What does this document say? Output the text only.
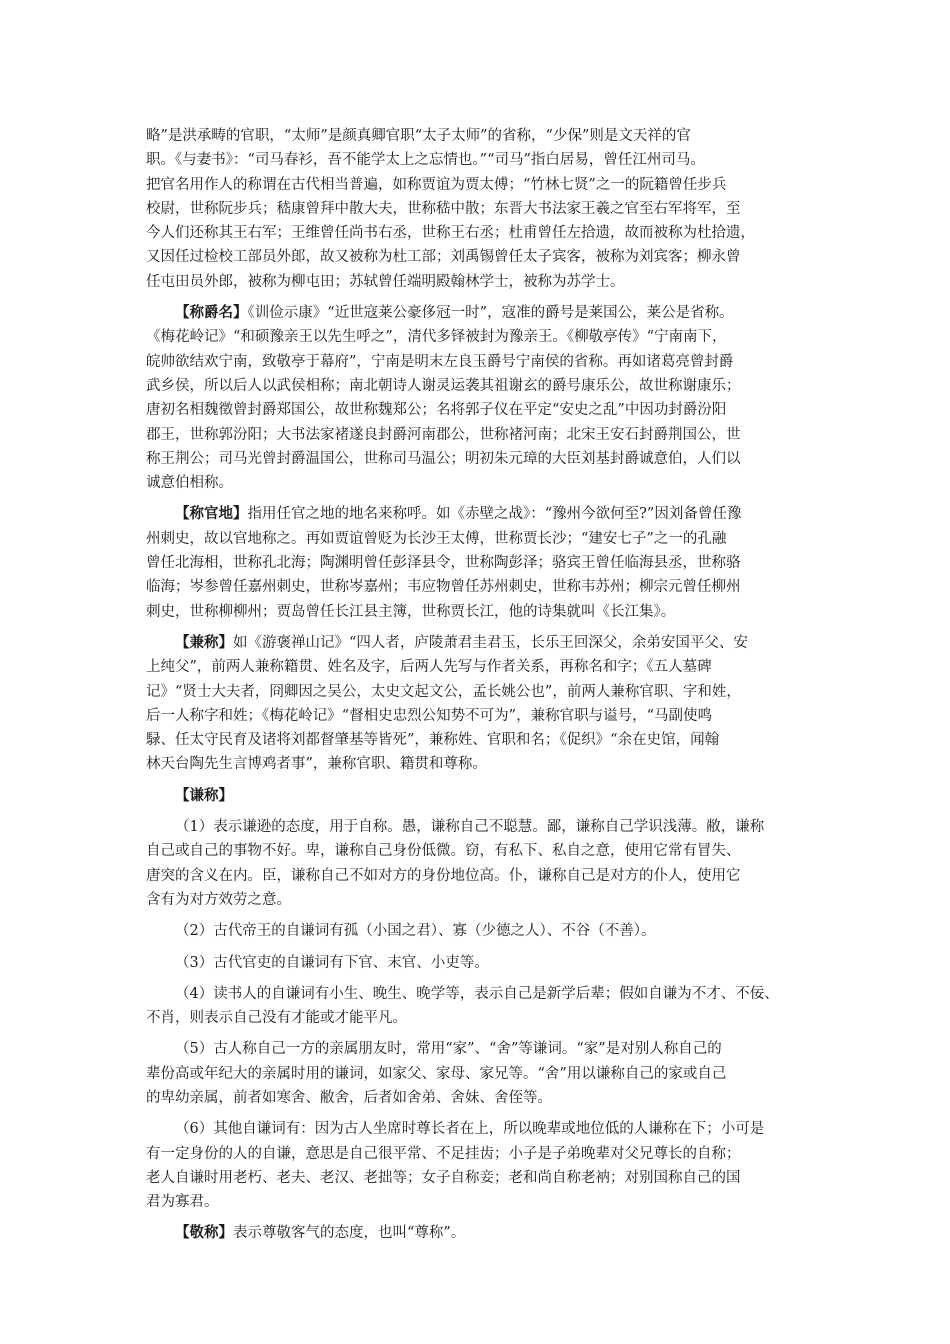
略”是洪承畴的官职，“太师”是颜真卿官职“太子太师”的省称，“少保”则是文天祥的官
职。《与妻书》：“司马春衫，吾不能学太上之忘情也。”“司马”指白居易，曾任江州司马。
把官名用作人的称谓在古代相当普遍，如称贾谊为贾太傅；“竹林七贤”之一的阮籍曾任步兵
校尉，世称阮步兵；嵇康曾拜中散大夫，世称嵇中散；东晋大书法家王羲之官至右军将军，至
今人们还称其王右军；王维曾任尚书右丞，世称王右丞；杜甫曾任左拾遗，故而被称为杜拾遗，
又因任过检校工部员外郎，故又被称为杜工部；刘禹锡曾任太子宾客，被称为刘宾客；柳永曾
任屯田员外郎，被称为柳屯田；苏轼曾任端明殿翰林学士，被称为苏学士。
【称爵名】《训俭示康》“近世寇莱公豪侈冠一时”，寇准的爵号是莱国公，莱公是省称。
《梅花岭记》“和硕豫亲王以先生呼之”，清代多铎被封为豫亲王。《柳敬亭传》“宁南南下，
皖帅欲结欢宁南，致敬亭于幕府”，宁南是明末左良玉爵号宁南侯的省称。再如诸葛亮曾封爵
武乡侯，所以后人以武侯相称；南北朝诗人谢灵运袭其祖谢玄的爵号康乐公，故世称谢康乐；
唐初名相魏徵曾封爵郑国公，故世称魏郑公；名将郭子仪在平定“安史之乱”中因功封爵汾阳
郡王，世称郭汾阳；大书法家褚遂良封爵河南郡公，世称褚河南；北宋王安石封爵荆国公，世
称王荆公；司马光曾封爵温国公，世称司马温公；明初朱元璋的大臣刘基封爵诚意伯，人们以
诚意伯相称。
【称官地】指用任官之地的地名来称呼。如《赤壁之战》：“豫州今欲何至?”因刘备曾任豫
州刺史，故以官地称之。再如贾谊曾贬为长沙王太傅，世称贾长沙；“建安七子”之一的孔融
曾任北海相，世称孔北海；陶渊明曾任彭泽县令，世称陶彭泽；骆宾王曾任临海县丞，世称骆
临海；岑参曾任嘉州刺史，世称岑嘉州；韦应物曾任苏州刺史，世称韦苏州；柳宗元曾任柳州
刺史，世称柳柳州；贾岛曾任长江县主簿，世称贾长江，他的诗集就叫《长江集》。
【兼称】如《游褒禅山记》“四人者，庐陵萧君圭君玉，长乐王回深父，余弟安国平父、安
上纯父”，前两人兼称籍贯、姓名及字，后两人先写与作者关系，再称名和字；《五人墓碑
记》“贤士大夫者，冏卿因之吴公，太史文起文公，孟长姚公也”，前两人兼称官职、字和姓，
后一人称字和姓；《梅花岭记》“督相史忠烈公知势不可为”，兼称官职与谥号，“马副使鸣
騄、任太守民育及诸将刘都督肇基等皆死”，兼称姓、官职和名；《促织》“余在史馆，闻翰
林天台陶先生言博鸡者事”，兼称官职、籍贯和尊称。
【谦称】
（1）表示谦逊的态度，用于自称。愚，谦称自己不聪慧。鄙，谦称自己学识浅薄。敝，谦称
自己或自己的事物不好。卑，谦称自己身份低微。窃，有私下、私自之意，使用它常有冒失、
唐突的含义在内。臣，谦称自己不如对方的身份地位高。仆，谦称自己是对方的仆人，使用它
含有为对方效劳之意。
（2）古代帝王的自谦词有孤（小国之君）、寡（少德之人）、不谷（不善）。
（3）古代官吏的自谦词有下官、末官、小吏等。
（4）读书人的自谦词有小生、晚生、晚学等，表示自己是新学后辈；假如自谦为不才、不佞、
不肖，则表示自己没有才能或才能平凡。
（5）古人称自己一方的亲属朋友时，常用“家”、“舍”等谦词。“家”是对别人称自己的
辈份高或年纪大的亲属时用的谦词，如家父、家母、家兄等。“舍”用以谦称自己的家或自己
的卑幼亲属，前者如寒舍、敝舍，后者如舍弟、舍妹、舍侄等。
（6）其他自谦词有：因为古人坐席时尊长者在上，所以晚辈或地位低的人谦称在下；小可是
有一定身份的人的自谦，意思是自己很平常、不足挂齿；小子是子弟晚辈对父兄尊长的自称；
老人自谦时用老朽、老夫、老汉、老拙等；女子自称妾；老和尚自称老衲；对别国称自己的国
君为寡君。
【敬称】表示尊敬客气的态度，也叫“尊称”。
